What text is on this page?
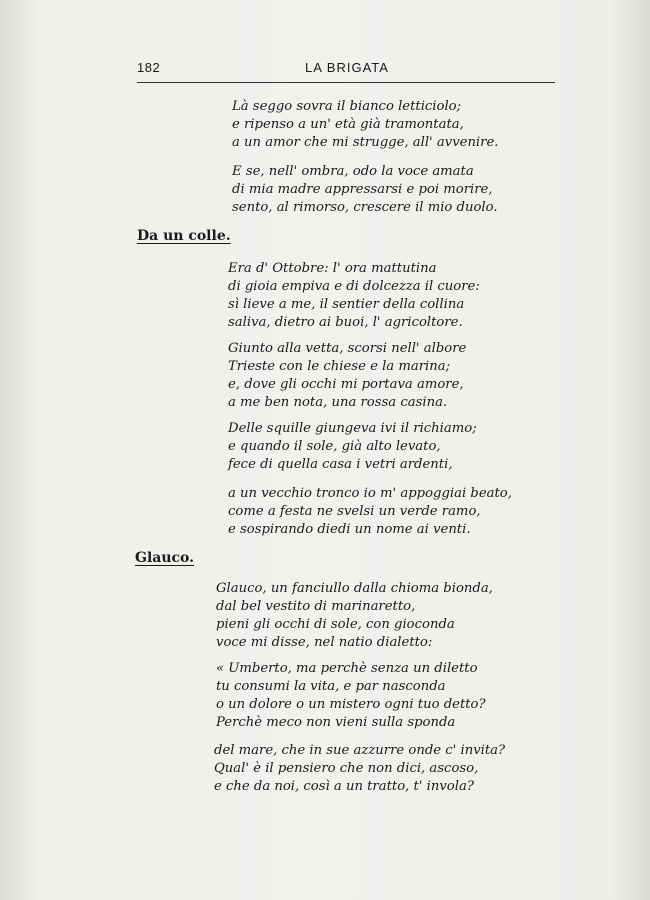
182	LA BRIGATA
Là seggo sovra il bianco letticiolo;
e ripenso a un' età già tramontata,
a un amor che mi strugge, all' avvenire.
E se, nell' ombra, odo la voce amata
di mia madre appressarsi e poi morire,
sento, al rimorso, crescere il mio duolo.
Da un colle.
Era d' Ottobre: l' ora mattutina
di gioia empiva e di dolcezza il cuore:
sì lieve a me, il sentier della collina
saliva, dietro ai buoi, l' agricoltore.
Giunto alla vetta, scorsi nell' albore
Trieste con le chiese e la marina;
e, dove gli occhi mi portava amore,
a me ben nota, una rossa casina.
Delle squille giungeva ivi il richiamo;
e quando il sole, già alto levato,
fece di quella casa i vetri ardenti,
a un vecchio tronco io m' appoggiai beato,
come a festa ne svelsi un verde ramo,
e sospirando diedi un nome ai venti.
Glauco.
Glauco, un fanciullo dalla chioma bionda,
dal bel vestito di marinaretto,
pieni gli occhi di sole, con gioconda
voce mi disse, nel natio dialetto:
« Umberto, ma perchè senza un diletto
tu consumi la vita, e par nasconda
o un dolore o un mistero ogni tuo detto?
Perchè meco non vieni sulla sponda
del mare, che in sue azzurre onde c' invita?
Qual' è il pensiero che non dici, ascoso,
e che da noi, così a un tratto, t' invola?
